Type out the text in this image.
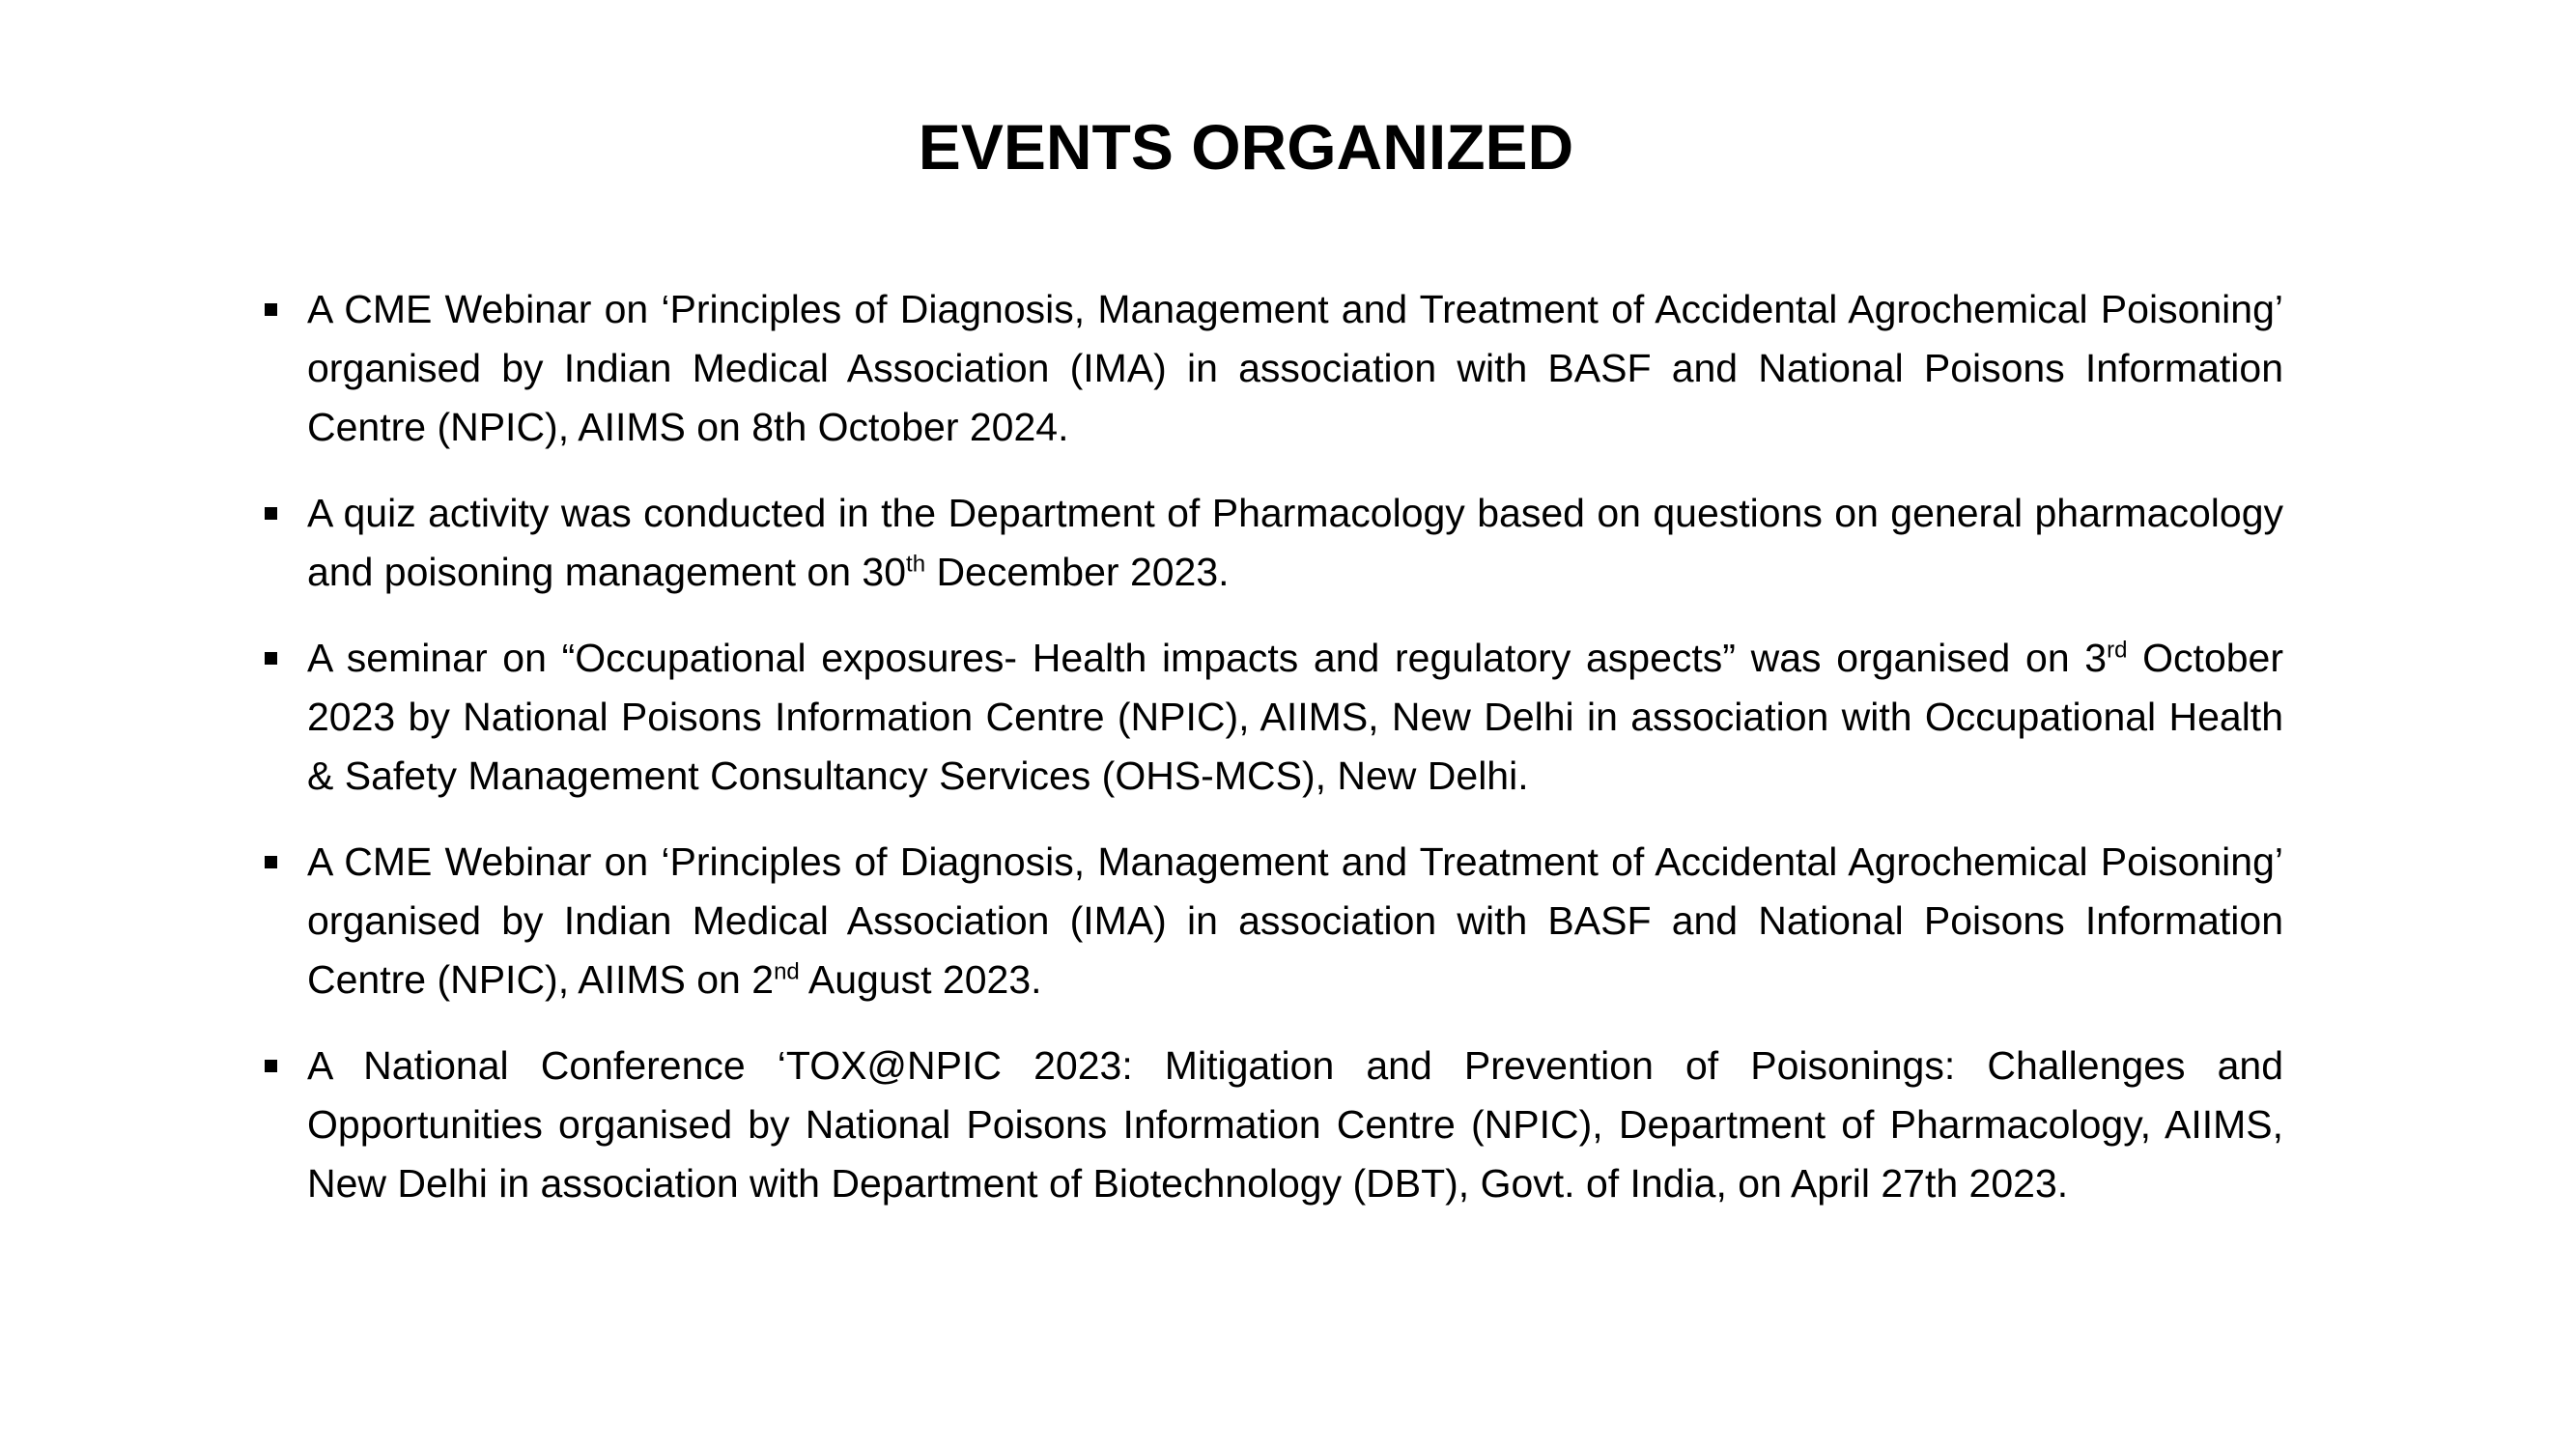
EVENTS ORGANIZED
A CME Webinar on ‘Principles of Diagnosis, Management and Treatment of Accidental Agrochemical Poisoning’ organised by Indian Medical Association (IMA) in association with BASF and National Poisons Information Centre (NPIC), AIIMS on 8th October 2024.
A quiz activity was conducted in the Department of Pharmacology based on questions on general pharmacology and poisoning management on 30th December 2023.
A seminar on “Occupational exposures- Health impacts and regulatory aspects” was organised on 3rd October 2023 by National Poisons Information Centre (NPIC), AIIMS, New Delhi in association with Occupational Health & Safety Management Consultancy Services (OHS-MCS), New Delhi.
A CME Webinar on ‘Principles of Diagnosis, Management and Treatment of Accidental Agrochemical Poisoning’ organised by Indian Medical Association (IMA) in association with BASF and National Poisons Information Centre (NPIC), AIIMS on 2nd August 2023.
A National Conference ‘TOX@NPIC 2023: Mitigation and Prevention of Poisonings: Challenges and Opportunities organised by National Poisons Information Centre (NPIC), Department of Pharmacology, AIIMS, New Delhi in association with Department of Biotechnology (DBT), Govt. of India, on April 27th 2023.
